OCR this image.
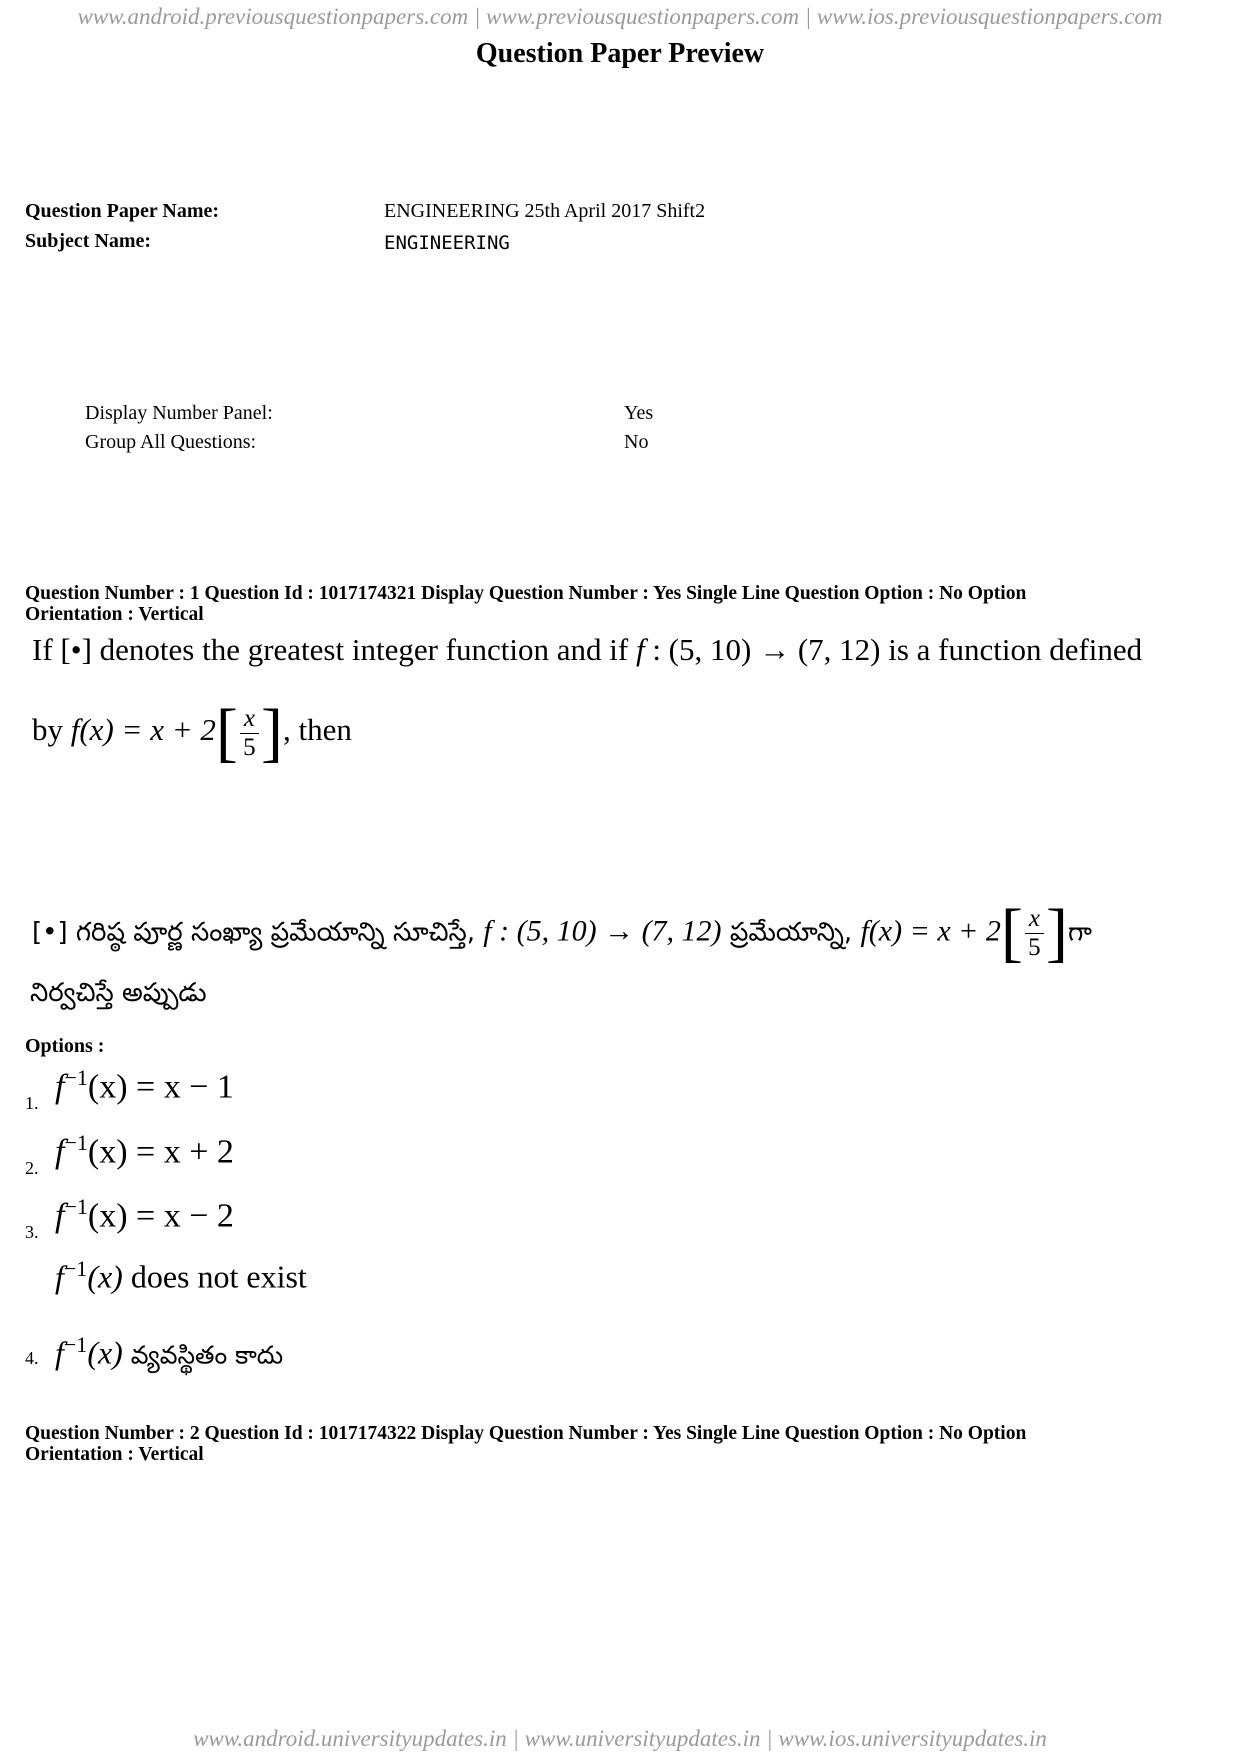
www.android.previousquestionpapers.com | www.previousquestionpapers.com | www.ios.previousquestionpapers.com
Question Paper Preview
Question Paper Name:	ENGINEERING 25th April 2017 Shift2
Subject Name:	ENGINEERING
Display Number Panel:	Yes
Group All Questions:	No
Question Number : 1 Question Id : 1017174321 Display Question Number : Yes Single Line Question Option : No Option
Orientation : Vertical
If [•] denotes the greatest integer function and if f : (5, 10) → (7, 12) is a function defined
by $f(x) = x + 2[ \frac{x}{5}$ ], then
[•] గరిష్ఠ పూర్ణ సంఖ్యా ప్రమేయాన్ని సూచిస్తే, f : (5, 10) → (7, 12) ప్రమేయాన్ని, $f(x) = x + 2[ \frac{x}{5}$ ]గా
నిర్వచిస్తే అప్పుడు
Options :
1. $f^{-1}(x) = x - 1$
2. $f^{-1}(x) = x + 2$
3. $f^{-1}(x) = x - 2$
$f^{-1}(x)$ does not exist
4. $f^{-1}(x)$ వ్యవస్థితం కాదు
Question Number : 2 Question Id : 1017174322 Display Question Number : Yes Single Line Question Option : No Option
Orientation : Vertical
www.android.universityupdates.in | www.universityupdates.in | www.ios.universityupdates.in
